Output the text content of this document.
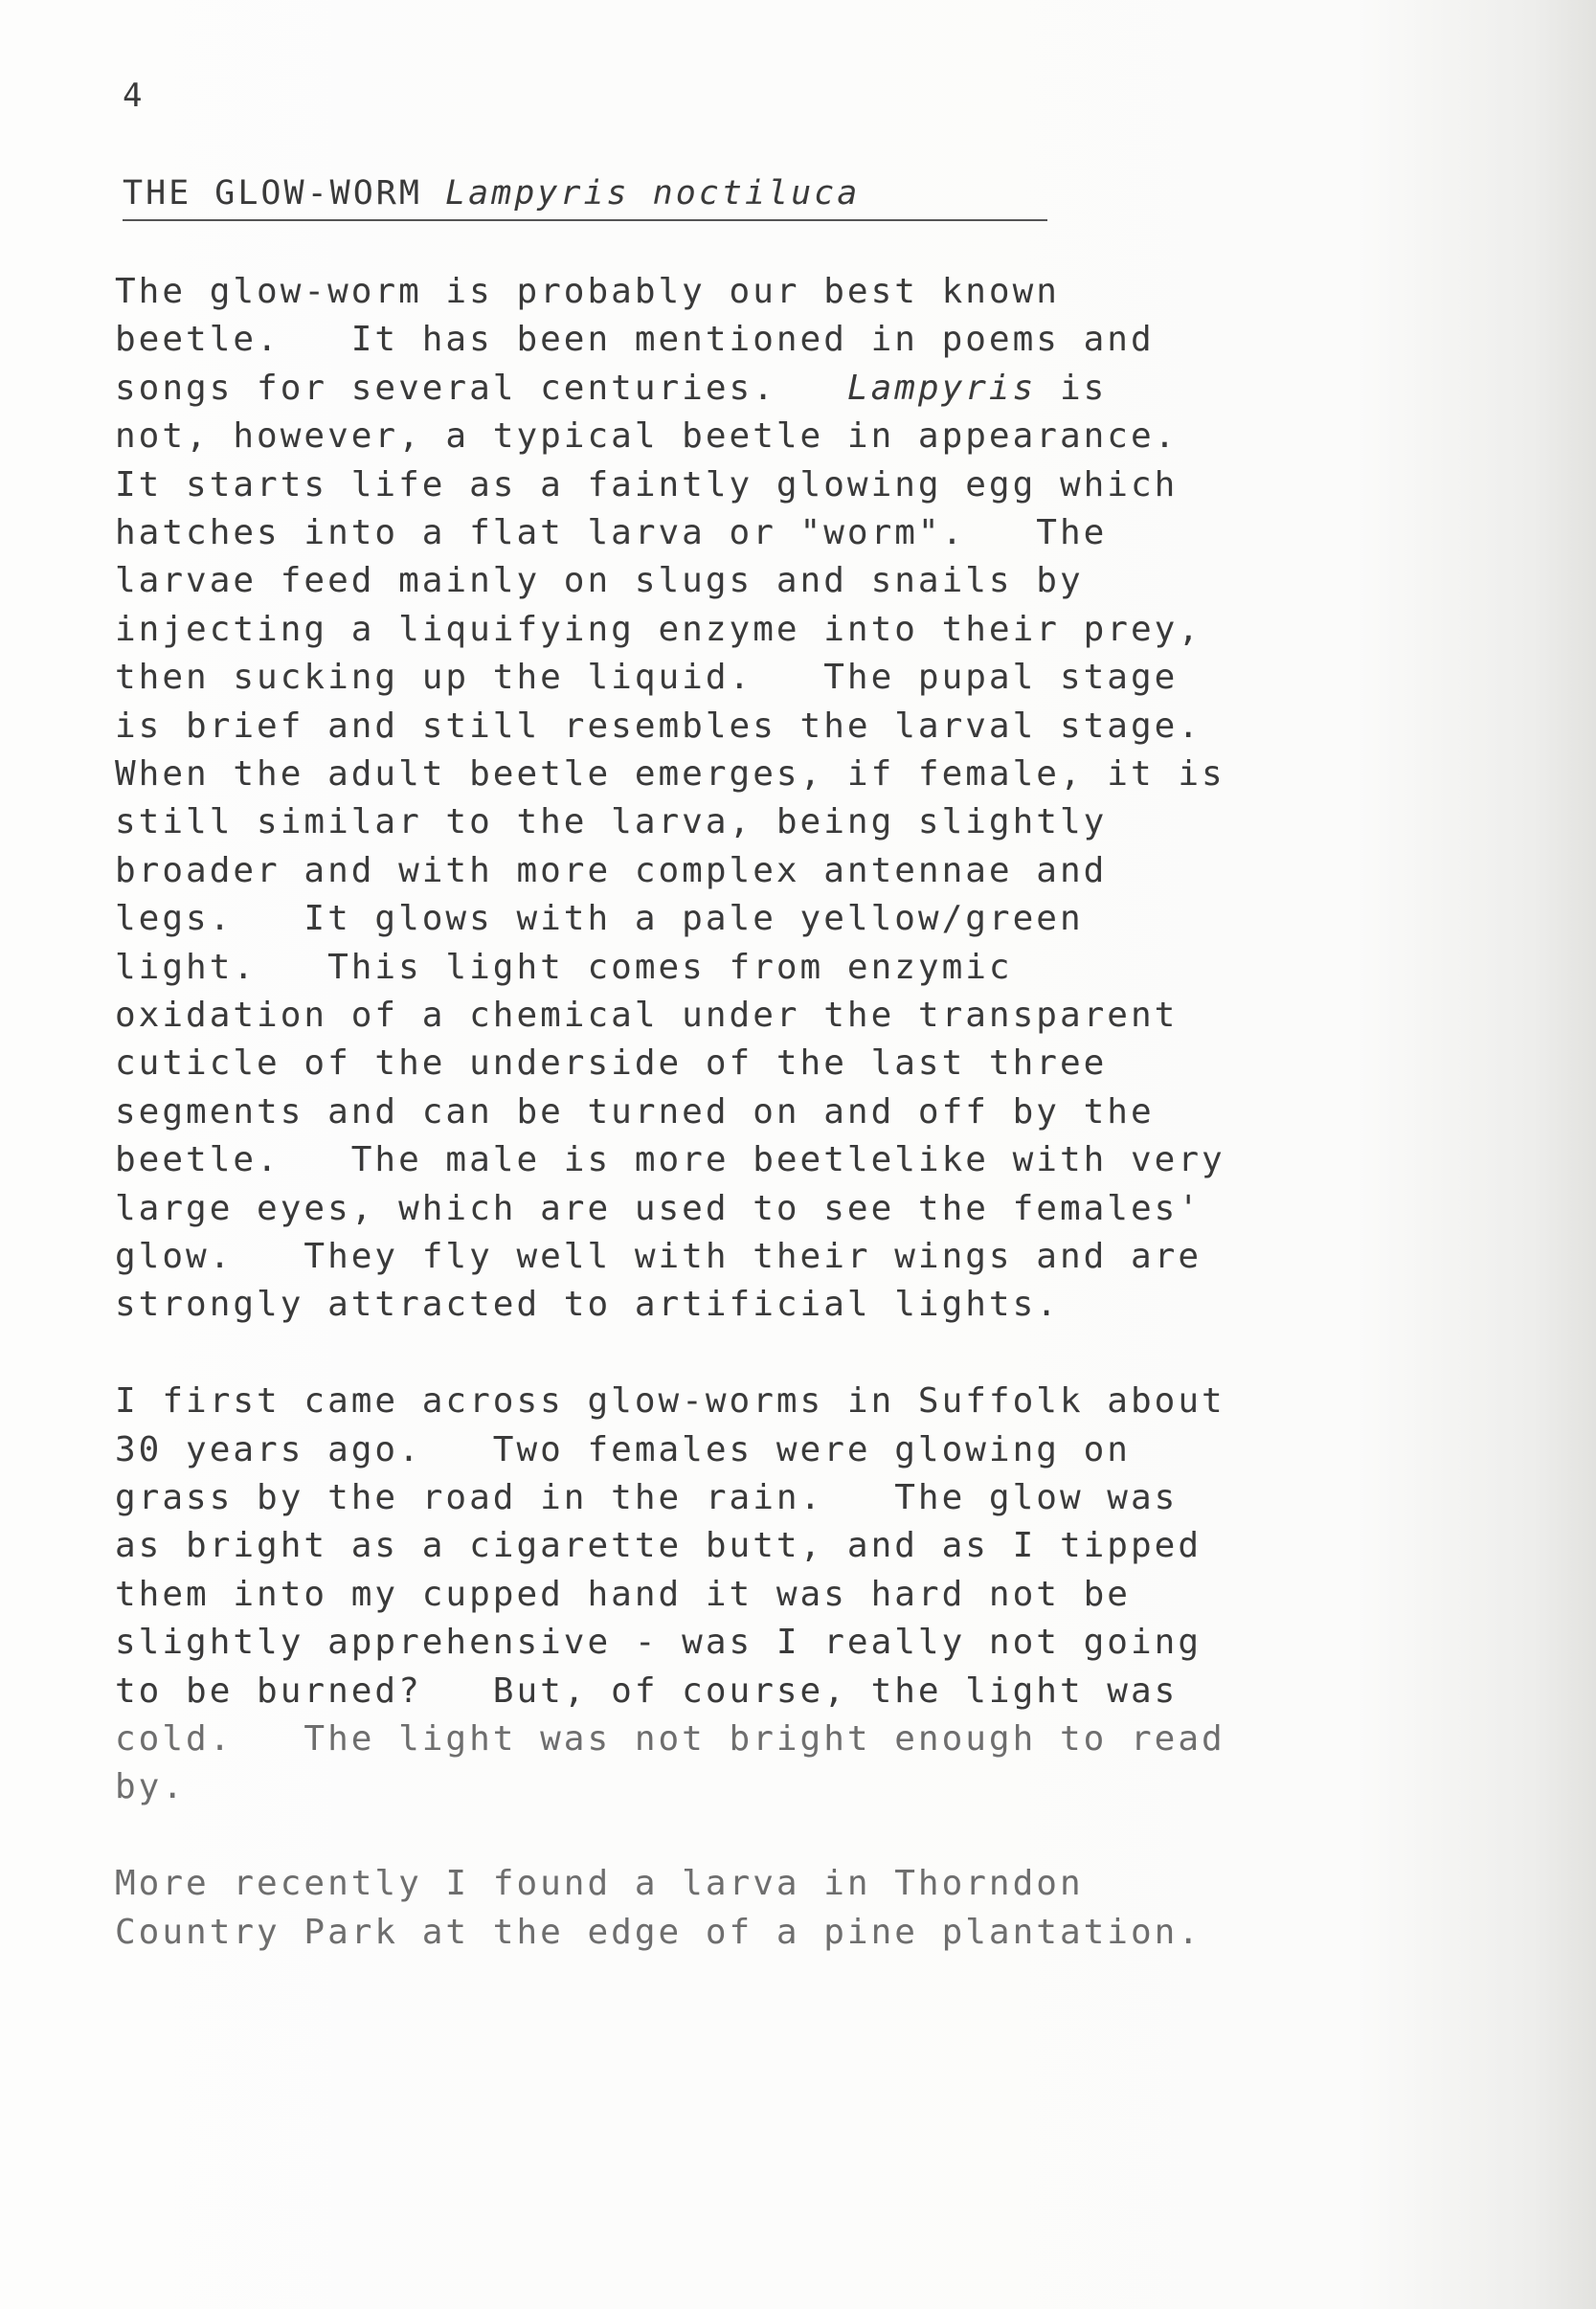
4
THE GLOW-WORM Lampyris noctiluca
The glow-worm is probably our best known
beetle.   It has been mentioned in poems and
songs for several centuries.   Lampyris is
not, however, a typical beetle in appearance.
It starts life as a faintly glowing egg which
hatches into a flat larva or "worm".   The
larvae feed mainly on slugs and snails by
injecting a liquifying enzyme into their prey,
then sucking up the liquid.   The pupal stage
is brief and still resembles the larval stage.
When the adult beetle emerges, if female, it is
still similar to the larva, being slightly
broader and with more complex antennae and
legs.   It glows with a pale yellow/green
light.   This light comes from enzymic
oxidation of a chemical under the transparent
cuticle of the underside of the last three
segments and can be turned on and off by the
beetle.   The male is more beetlelike with very
large eyes, which are used to see the females'
glow.   They fly well with their wings and are
strongly attracted to artificial lights.
I first came across glow-worms in Suffolk about
30 years ago.   Two females were glowing on
grass by the road in the rain.   The glow was
as bright as a cigarette butt, and as I tipped
them into my cupped hand it was hard not be
slightly apprehensive - was I really not going
to be burned?   But, of course, the light was
cold.   The light was not bright enough to read
by.
More recently I found a larva in Thorndon
Country Park at the edge of a pine plantation.
